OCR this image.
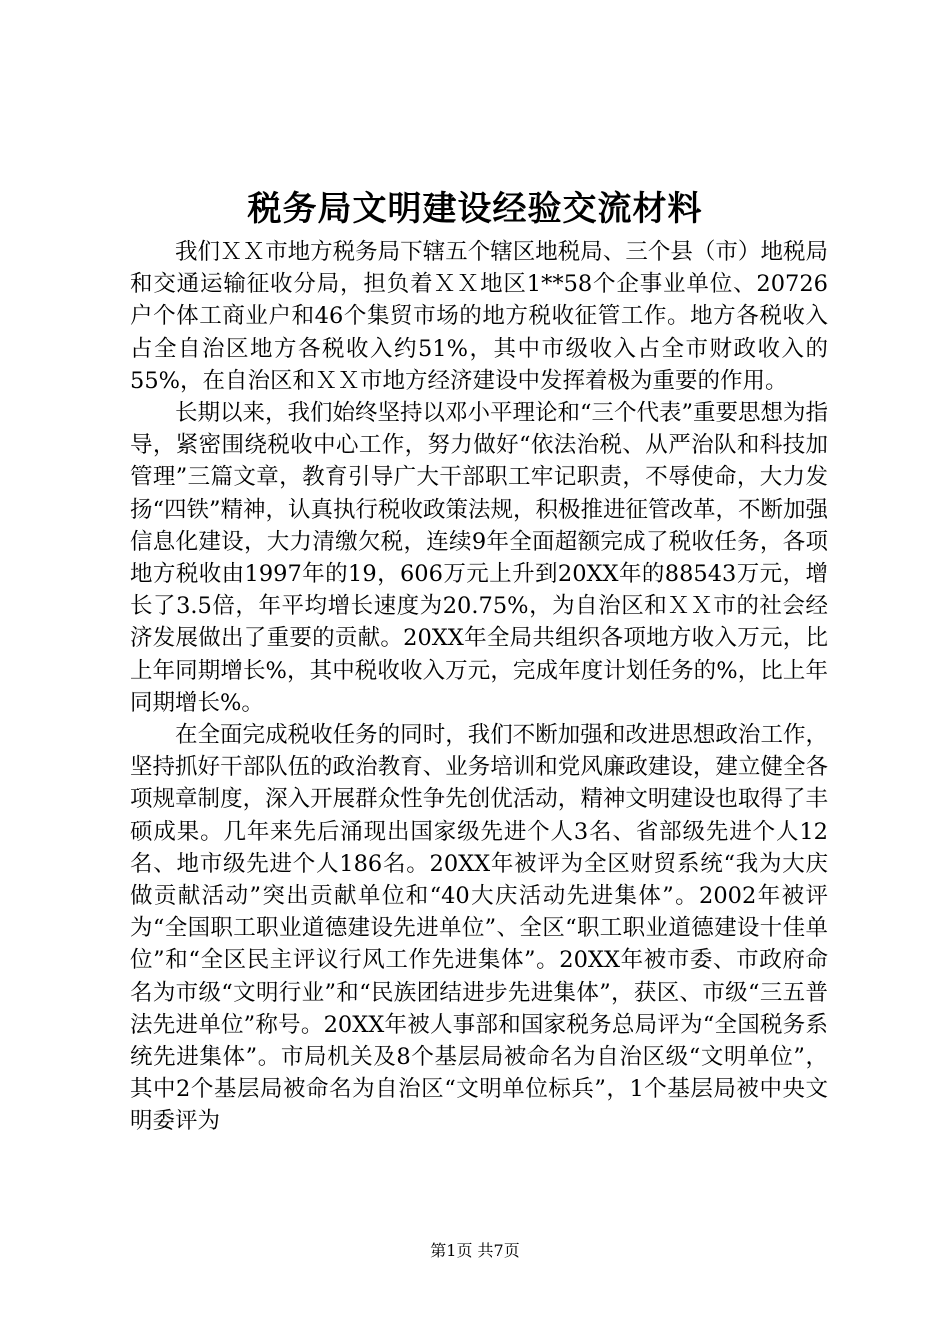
税务局文明建设经验交流材料

我们ＸＸ市地方税务局下辖五个辖区地税局、三个县（市）地税局和交通运输征收分局，担负着ＸＸ地区1**58个企事业单位、20726户个体工商业户和46个集贸市场的地方税收征管工作。地方各税收入占全自治区地方各税收入约51%，其中市级收入占全市财政收入的55%，在自治区和ＸＸ市地方经济建设中发挥着极为重要的作用。

长期以来，我们始终坚持以邓小平理论和“三个代表”重要思想为指导，紧密围绕税收中心工作，努力做好“依法治税、从严治队和科技加管理”三篇文章，教育引导广大干部职工牢记职责，不辱使命，大力发扬“四铁”精神，认真执行税收政策法规，积极推进征管改革，不断加强信息化建设，大力清缴欠税，连续9年全面超额完成了税收任务，各项地方税收由1997年的19，606万元上升到20XX年的88543万元，增长了3.5倍，年平均增长速度为20.75%，为自治区和ＸＸ市的社会经济发展做出了重要的贡献。20XX年全局共组织各项地方收入万元，比上年同期增长%，其中税收收入万元，完成年度计划任务的%，比上年同期增长%。

在全面完成税收任务的同时，我们不断加强和改进思想政治工作，坚持抓好干部队伍的政治教育、业务培训和党风廉政建设，建立健全各项规章制度，深入开展群众性争先创优活动，精神文明建设也取得了丰硕成果。几年来先后涌现出国家级先进个人3名、省部级先进个人12名、地市级先进个人186名。20XX年被评为全区财贸系统“我为大庆做贡献活动”突出贡献单位和“40大庆活动先进集体”。2002年被评为“全国职工职业道德建设先进单位”、全区“职工职业道德建设十佳单位”和“全区民主评议行风工作先进集体”。20XX年被市委、市政府命名为市级“文明行业”和“民族团结进步先进集体”，获区、市级“三五普法先进单位”称号。20XX年被人事部和国家税务总局评为“全国税务系统先进集体”。市局机关及8个基层局被命名为自治区级“文明单位”，其中2个基层局被命名为自治区“文明单位标兵”，1个基层局被中央文明委评为

第1页 共7页
